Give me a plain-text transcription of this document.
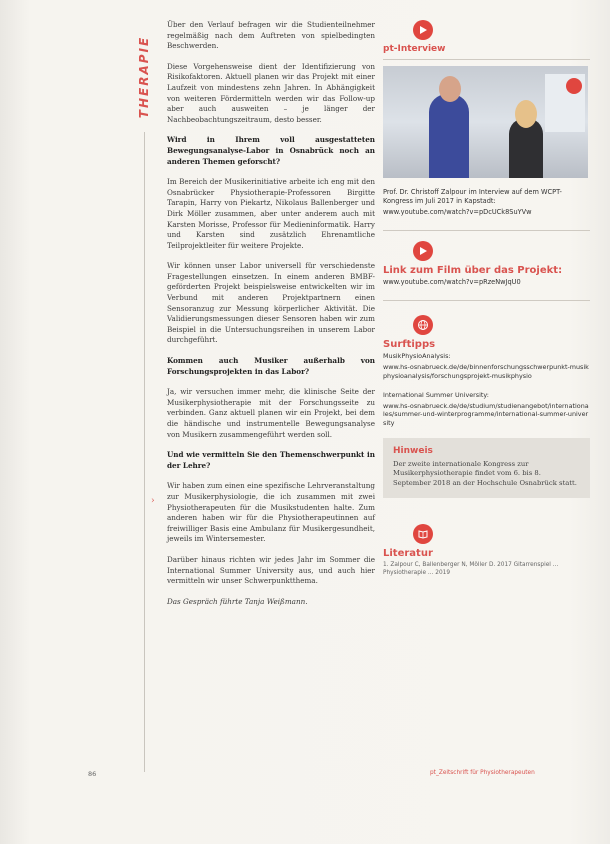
THERAPIE
›

Über den Verlauf befragen wir die Studienteilnehmer regelmäßig nach dem Auftreten von spielbedingten Beschwerden.

Diese Vorgehensweise dient der Identifizierung von Risikofaktoren. Aktuell planen wir das Projekt mit einer Laufzeit von mindestens zehn Jahren. In Abhängigkeit von weiteren Fördermitteln werden wir das Follow-up aber auch ausweiten – je länger der Nachbeobachtungszeitraum, desto besser.

Wird in Ihrem voll ausgestatteten Bewegungsanalyse-Labor in Osnabrück noch an anderen Themen geforscht?

Im Bereich der Musikerinitiative arbeite ich eng mit den Osnabrücker Physiotherapie-Professoren Birgitte Tarapin, Harry von Piekartz, Nikolaus Ballenberger und Dirk Möller zusammen, aber unter anderem auch mit Karsten Morisse, Professor für Medieninformatik. Harry und Karsten sind zusätzlich Ehrenamtliche Teilprojektleiter für weitere Projekte.

Wir können unser Labor universell für verschiedenste Fragestellungen einsetzen. In einem anderen BMBF-geförderten Projekt beispielsweise entwickelten wir im Verbund mit anderen Projektpartnern einen Sensoranzug zur Messung körperlicher Aktivität. Die Validierungsmessungen dieser Sensoren haben wir zum Beispiel in die Untersuchungsreihen in unserem Labor durchgeführt.

Kommen auch Musiker außerhalb von Forschungsprojekten in das Labor?

Ja, wir versuchen immer mehr, die klinische Seite der Musikerphysiotherapie mit der Forschungsseite zu verbinden. Ganz aktuell planen wir ein Projekt, bei dem die händische und instrumentelle Bewegungsanalyse von Musikern zusammengeführt werden soll.

Und wie vermitteln Sie den Themenschwerpunkt in der Lehre?

Wir haben zum einen eine spezifische Lehrveranstaltung zur Musikerphysiologie, die ich zusammen mit zwei Physiotherapeuten für die Musikstudenten halte. Zum anderen haben wir für die Physiotherapeutinnen auf freiwilliger Basis eine Ambulanz für Musikergesundheit, jeweils im Wintersemester.

Darüber hinaus richten wir jedes Jahr im Sommer die International Summer University aus, und auch hier vermitteln wir unser Schwerpunktthema.

Das Gespräch führte Tanja Weißmann.

pt-Interview
Prof. Dr. Christoff Zalpour im Interview auf dem WCPT-Kongress im Juli 2017 in Kapstadt:
www.youtube.com/watch?v=pDcUCk8SuYVw
Link zum Film über das Projekt:
www.youtube.com/watch?v=pRzeNwJqU0
Surftipps
MusikPhysioAnalysis:
www.hs-osnabrueck.de/de/binnenforschungsschwerpunkt-musikphysioanalysis/forschungsprojekt-musikphysio
International Summer University:
www.hs-osnabrueck.de/de/studium/studienangebot/internationales/summer-und-winterprogramme/international-summer-university
Hinweis
Der zweite internationale Kongress zur Musikerphysiotherapie findet vom 6. bis 8. September 2018 an der Hochschule Osnabrück statt.
Literatur
1. Zalpour C, Ballenberger N, Möller D. 2017 Gitarrenspiel ... Physiotherapie ... 2019
86	pt_Zeitschrift für Physiotherapeuten
